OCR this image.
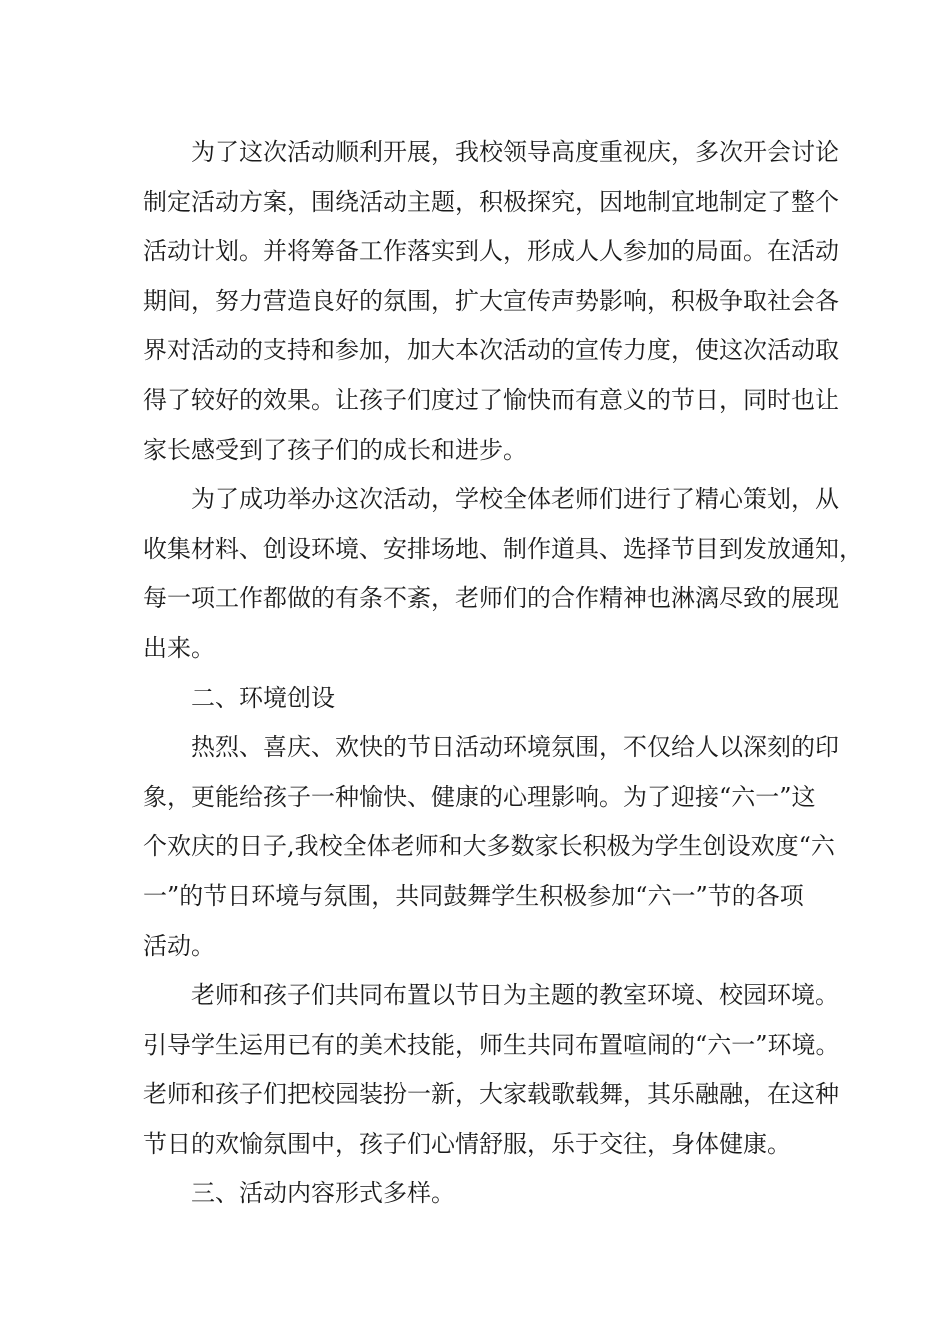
为了这次活动顺利开展，我校领导高度重视庆，多次开会讨论
制定活动方案，围绕活动主题，积极探究，因地制宜地制定了整个
活动计划。并将筹备工作落实到人，形成人人参加的局面。在活动
期间，努力营造良好的氛围，扩大宣传声势影响，积极争取社会各
界对活动的支持和参加，加大本次活动的宣传力度，使这次活动取
得了较好的效果。让孩子们度过了愉快而有意义的节日，同时也让
家长感受到了孩子们的成长和进步。
为了成功举办这次活动，学校全体老师们进行了精心策划，从
收集材料、创设环境、安排场地、制作道具、选择节目到发放通知，
每一项工作都做的有条不紊，老师们的合作精神也淋漓尽致的展现
出来。
二、环境创设
热烈、喜庆、欢快的节日活动环境氛围，不仅给人以深刻的印
象，更能给孩子一种愉快、健康的心理影响。为了迎接“六一”这
个欢庆的日子,我校全体老师和大多数家长积极为学生创设欢度“六
一”的节日环境与氛围，共同鼓舞学生积极参加“六一”节的各项
活动。
老师和孩子们共同布置以节日为主题的教室环境、校园环境。
引导学生运用已有的美术技能，师生共同布置喧闹的“六一”环境。
老师和孩子们把校园装扮一新，大家载歌载舞，其乐融融，在这种
节日的欢愉氛围中，孩子们心情舒服，乐于交往，身体健康。
三、活动内容形式多样。
